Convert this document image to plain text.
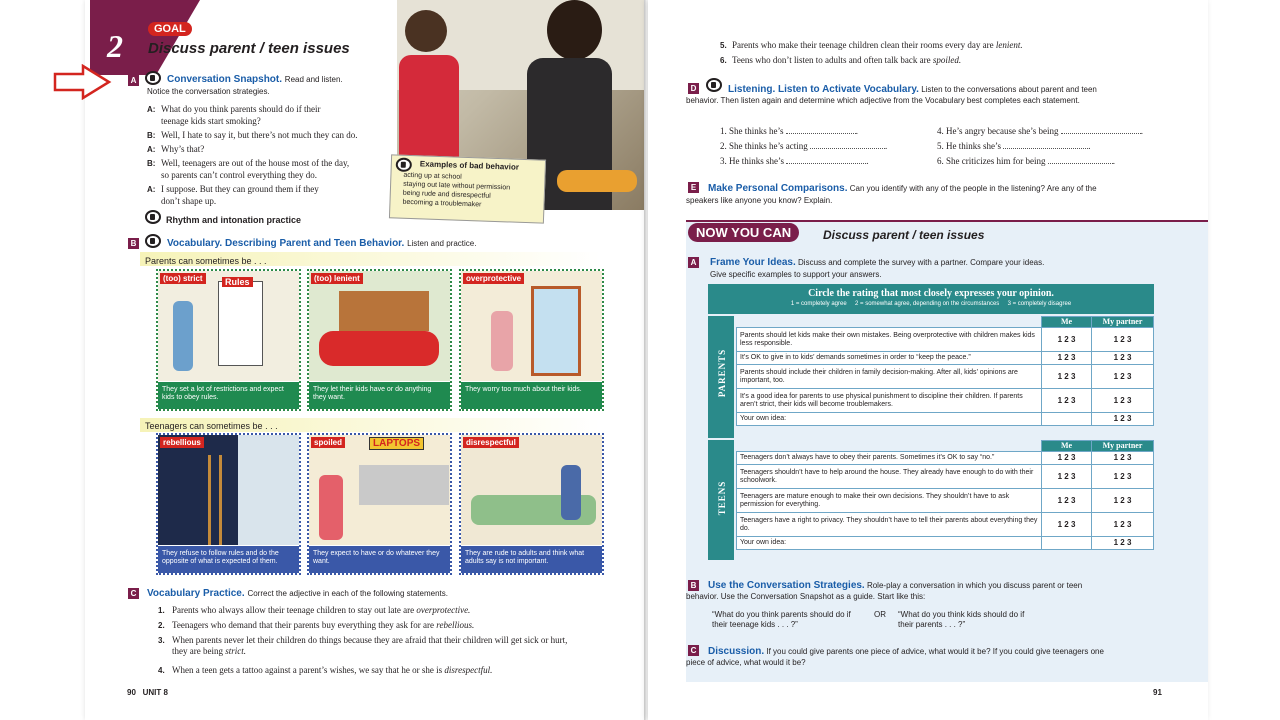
2	GOAL
Discuss parent / teen issues
Examples of bad behavior
acting up at school
staying out late without permission
being rude and disrespectful
becoming a troublemaker
A	Conversation Snapshot. Read and listen.
Notice the conversation strategies.
A: What do you think parents should do if their
teenage kids start smoking?
B: Well, I hate to say it, but there’s not much they can do.
A: Why’s that?
B: Well, teenagers are out of the house most of the day,
so parents can’t control everything they do.
A: I suppose. But they can ground them if they
don’t shape up.
Rhythm and intonation practice
B	Vocabulary. Describing Parent and Teen Behavior. Listen and practice.
Parents can sometimes be . . .
Rules
(too) strict
They set a lot of restrictions and expect kids to obey rules.
(too) lenient
They let their kids have or do anything they want.
overprotective
They worry too much about their kids.
Teenagers can sometimes be . . .
rebellious
They refuse to follow rules and do the opposite of what is expected of them.
LAPTOPS
spoiled
They expect to have or do whatever they want.
disrespectful
They are rude to adults and think what adults say is not important.
C Vocabulary Practice. Correct the adjective in each of the following statements.
1. Parents who always allow their teenage children to stay out late are overprotective.
2. Teenagers who demand that their parents buy everything they ask for are rebellious.
3. When parents never let their children do things because they are afraid that their children will get sick or hurt, they are being strict.
4. When a teen gets a tattoo against a parent’s wishes, we say that he or she is disrespectful.
90 UNIT 8
5. Parents who make their teenage children clean their rooms every day are lenient.
6. Teens who don’t listen to adults and often talk back are spoiled.
D	Listening. Listen to Activate Vocabulary. Listen to the conversations about parent and teen behavior. Then listen again and determine which adjective from the Vocabulary best completes each statement.
1. She thinks he’s	.
2. She thinks he’s acting	.
3. He thinks she’s	.
4. He’s angry because she’s being	.
5. He thinks she’s	.
6. She criticizes him for being	.
E	Make Personal Comparisons. Can you identify with any of the people in the listening? Are any of the speakers like anyone you know? Explain.
NOW YOU CAN	Discuss parent / teen issues
A Frame Your Ideas. Discuss and complete the survey with a partner. Compare your ideas.
Give specific examples to support your answers.
Circle the rating that most closely expresses your opinion.
1 = completely agree     2 = somewhat agree, depending on the circumstances     3 = completely disagree
PARENTS
	Me	My partner
Parents should let kids make their own mistakes. Being overprotective with children makes kids less responsible.	1 2 3	1 2 3
It’s OK to give in to kids’ demands sometimes in order to “keep the peace.”	1 2 3	1 2 3
Parents should include their children in family decision-making. After all, kids’ opinions are important, too.	1 2 3	1 2 3
It’s a good idea for parents to use physical punishment to discipline their children. If parents aren’t strict, their kids will become troublemakers.	1 2 3	1 2 3
Your own idea:		1 2 3
TEENS
	Me	My partner
Teenagers don’t always have to obey their parents. Sometimes it’s OK to say “no.”	1 2 3	1 2 3
Teenagers shouldn’t have to help around the house. They already have enough to do with their schoolwork.	1 2 3	1 2 3
Teenagers are mature enough to make their own decisions. They shouldn’t have to ask permission for everything.	1 2 3	1 2 3
Teenagers have a right to privacy. They shouldn’t have to tell their parents about everything they do.	1 2 3	1 2 3
Your own idea:		1 2 3
B	Use the Conversation Strategies. Role-play a conversation in which you discuss parent or teen behavior. Use the Conversation Snapshot as a guide. Start like this:
“What do you think parents should do if their teenage kids . . . ?”
OR “What do you think kids should do if their parents . . . ?”
C	Discussion. If you could give parents one piece of advice, what would it be? If you could give teenagers one piece of advice, what would it be?
91
